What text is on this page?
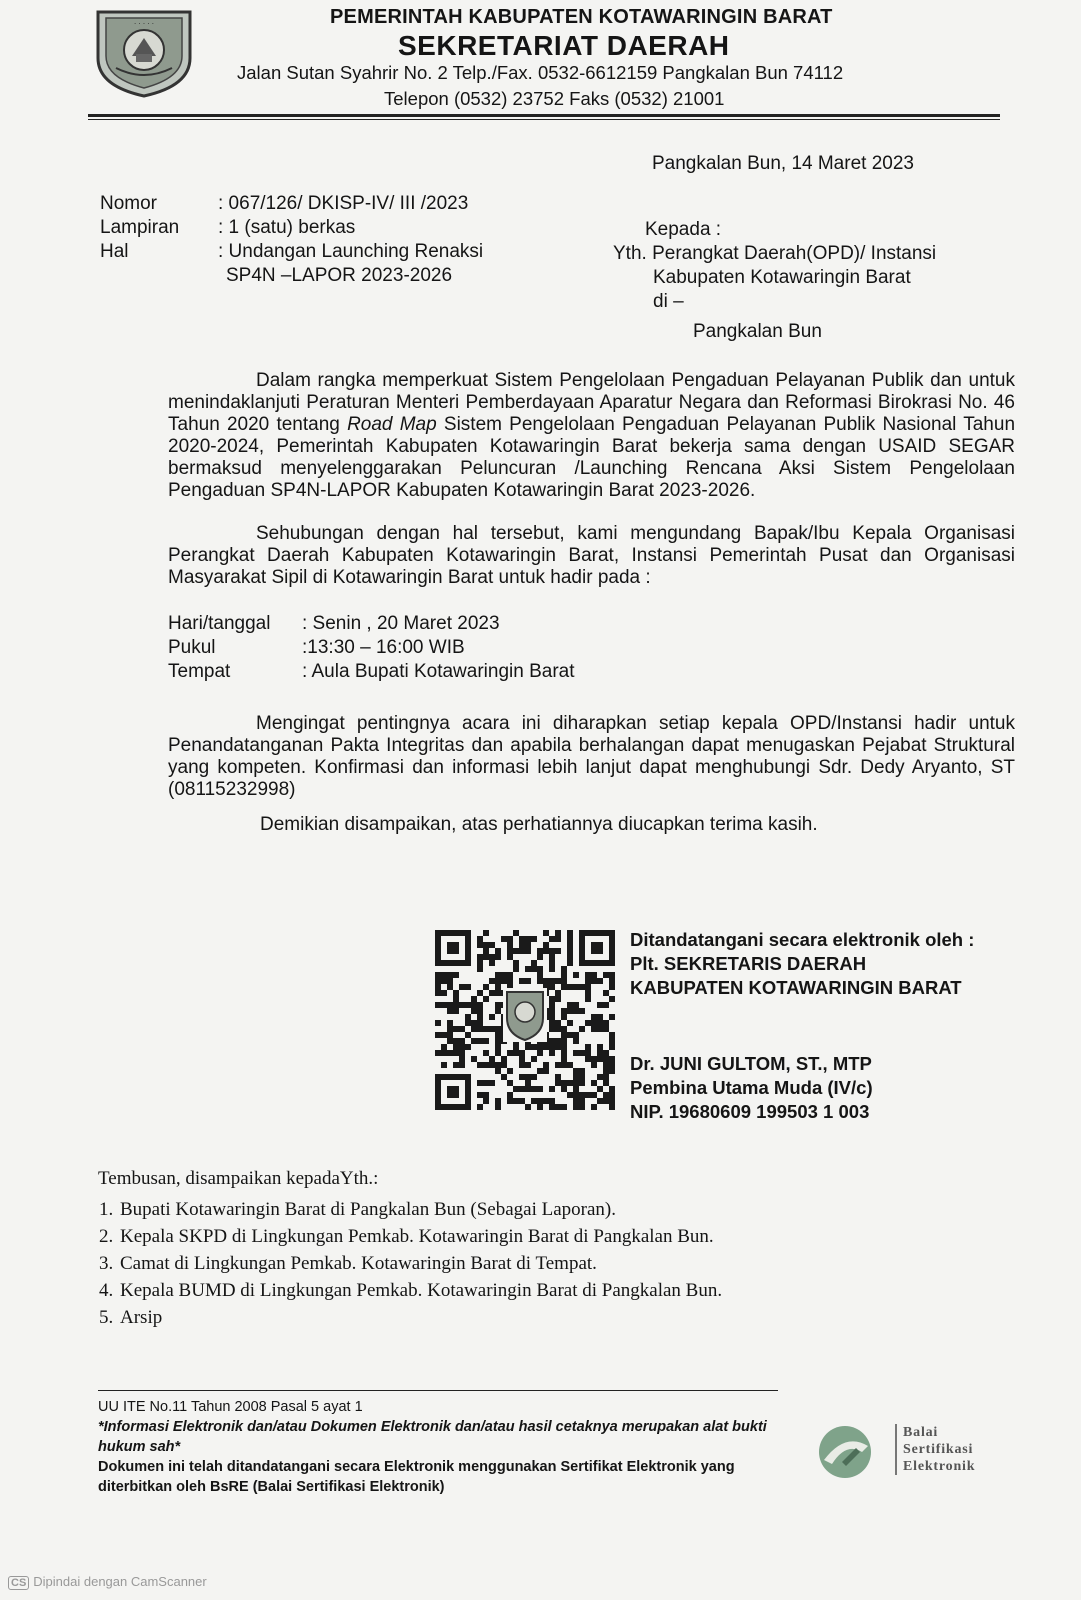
· · · · ·	PEMERINTAH KABUPATEN KOTAWARINGIN BARAT
SEKRETARIAT DAERAH
Jalan Sutan Syahrir No. 2 Telp./Fax. 0532-6612159 Pangkalan Bun 74112
Telepon (0532) 23752 Faks (0532) 21001
Pangkalan Bun, 14 Maret 2023
Nomor	: 067/126/ DKISP-IV/ III /2023
Lampiran	: 1 (satu) berkas
Hal	: Undangan Launching Renaksi
SP4N –LAPOR 2023-2026
Kepada :
Yth. Perangkat Daerah(OPD)/ Instansi
Kabupaten Kotawaringin Barat
di –
Pangkalan Bun
Dalam rangka memperkuat Sistem Pengelolaan Pengaduan Pelayanan Publik dan untuk menindaklanjuti Peraturan Menteri Pemberdayaan Aparatur Negara dan Reformasi Birokrasi No. 46 Tahun 2020 tentang Road Map Sistem Pengelolaan Pengaduan Pelayanan Publik Nasional Tahun 2020-2024, Pemerintah Kabupaten Kotawaringin Barat bekerja sama dengan USAID SEGAR bermaksud menyelenggarakan Peluncuran /Launching Rencana Aksi Sistem Pengelolaan Pengaduan SP4N-LAPOR Kabupaten Kotawaringin Barat 2023-2026.
Sehubungan dengan hal tersebut, kami mengundang Bapak/Ibu Kepala Organisasi Perangkat Daerah Kabupaten Kotawaringin Barat, Instansi Pemerintah Pusat dan Organisasi Masyarakat Sipil di Kotawaringin Barat untuk hadir pada :
Hari/tanggal	: Senin , 20 Maret 2023
Pukul	:13:30 – 16:00 WIB
Tempat	: Aula Bupati Kotawaringin Barat
Mengingat pentingnya acara ini diharapkan setiap kepala OPD/Instansi hadir untuk Penandatanganan Pakta Integritas dan apabila berhalangan dapat menugaskan Pejabat Struktural yang kompeten. Konfirmasi dan informasi lebih lanjut dapat menghubungi Sdr. Dedy Aryanto, ST (08115232998)
Demikian disampaikan, atas perhatiannya diucapkan terima kasih.
Ditandatangani secara elektronik oleh :
Plt. SEKRETARIS DAERAH
KABUPATEN KOTAWARINGIN BARAT
Dr. JUNI GULTOM, ST., MTP
Pembina Utama Muda (IV/c)
NIP. 19680609 199503 1 003
Tembusan, disampaikan kepadaYth.:
1. Bupati Kotawaringin Barat di Pangkalan Bun (Sebagai Laporan).
2. Kepala SKPD di Lingkungan Pemkab. Kotawaringin Barat di Pangkalan Bun.
3. Camat di Lingkungan Pemkab. Kotawaringin Barat di Tempat.
4. Kepala BUMD di Lingkungan Pemkab. Kotawaringin Barat di Pangkalan Bun.
5. Arsip
UU ITE No.11 Tahun 2008 Pasal 5 ayat 1
*Informasi Elektronik dan/atau Dokumen Elektronik dan/atau hasil cetaknya merupakan alat bukti hukum sah*
Dokumen ini telah ditandatangani secara Elektronik menggunakan Sertifikat Elektronik yang diterbitkan oleh BsRE (Balai Sertifikasi Elektronik)
Balai
Sertifikasi
Elektronik
CS Dipindai dengan CamScanner
